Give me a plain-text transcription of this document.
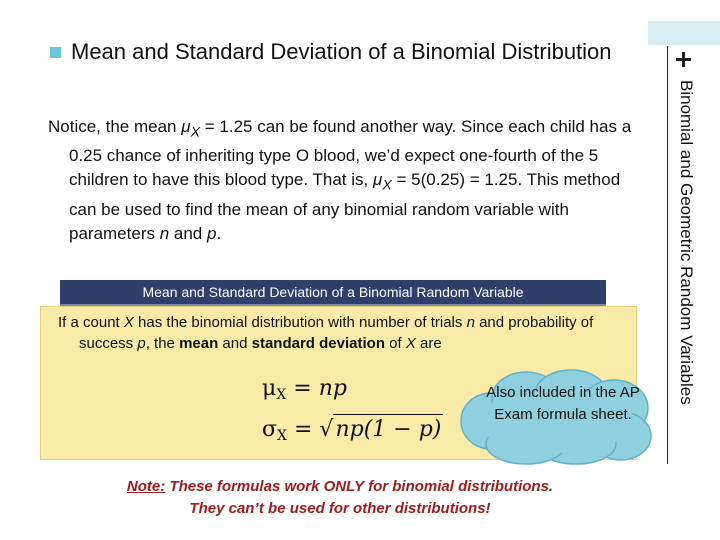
Binomial and Geometric Random Variables
Mean and Standard Deviation of a Binomial Distribution
Notice, the mean $\mu_X = 1.25$ can be found another way. Since each child has a 0.25 chance of inheriting type O blood, we’d expect one-fourth of the 5 children to have this blood type. That is, $\mu_X = 5(0.25) = 1.25$. This method can be used to find the mean of any binomial random variable with parameters n and p.
Mean and Standard Deviation of a Binomial Random Variable
If a count X has the binomial distribution with number of trials n and probability of success p, the mean and standard deviation of X are
$\mu_X$ = np
$\sigma_X = √np(1 - p)$
Also included in the AP Exam formula sheet.
Note: These formulas work ONLY for binomial distributions.
They can’t be used for other distributions!
